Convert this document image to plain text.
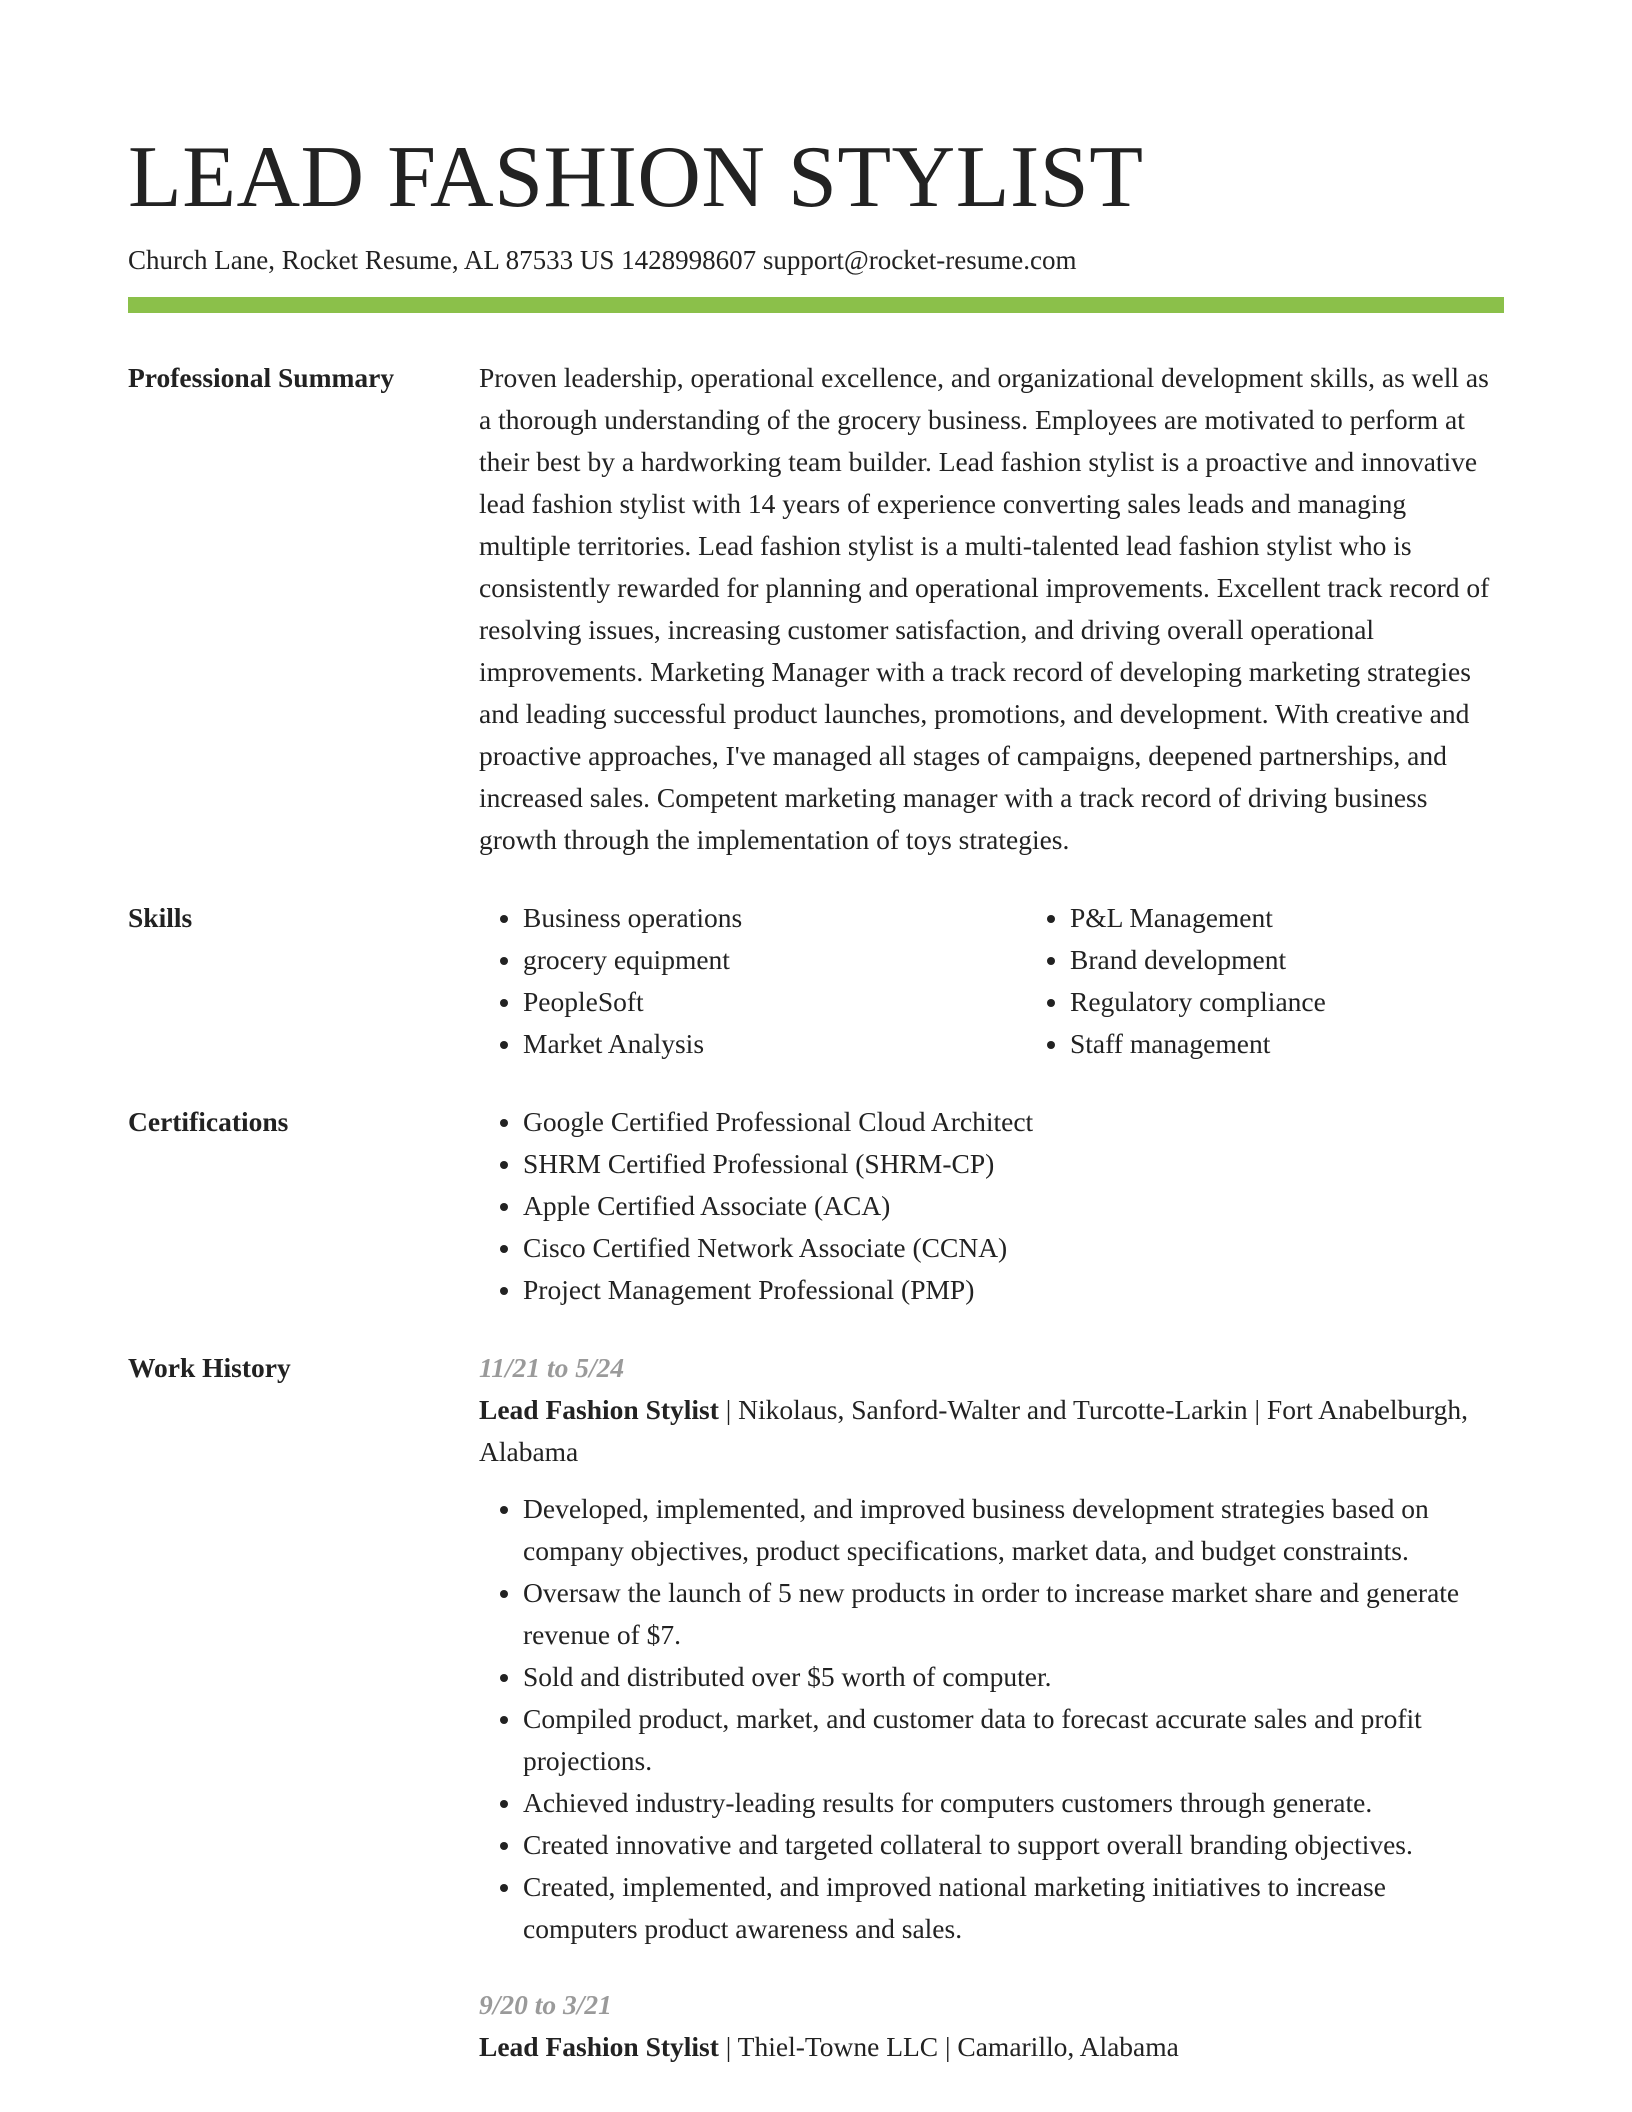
LEAD FASHION STYLIST
Church Lane, Rocket Resume, AL 87533 US 1428998607 support@rocket-resume.com
Professional Summary	Proven leadership, operational excellence, and organizational development skills, as well as a thorough understanding of the grocery business. Employees are motivated to perform at their best by a hardworking team builder. Lead fashion stylist is a proactive and innovative lead fashion stylist with 14 years of experience converting sales leads and managing multiple territories. Lead fashion stylist is a multi-talented lead fashion stylist who is consistently rewarded for planning and operational improvements. Excellent track record of resolving issues, increasing customer satisfaction, and driving overall operational improvements. Marketing Manager with a track record of developing marketing strategies and leading successful product launches, promotions, and development. With creative and proactive approaches, I've managed all stages of campaigns, deepened partnerships, and increased sales. Competent marketing manager with a track record of driving business growth through the implementation of toys strategies.
Skills	• Business operations
• grocery equipment
• PeopleSoft
• Market Analysis
• P&L Management
• Brand development
• Regulatory compliance
• Staff management
Certifications	• Google Certified Professional Cloud Architect
• SHRM Certified Professional (SHRM-CP)
• Apple Certified Associate (ACA)
• Cisco Certified Network Associate (CCNA)
• Project Management Professional (PMP)
Work History	11/21 to 5/24
Lead Fashion Stylist | Nikolaus, Sanford-Walter and Turcotte-Larkin | Fort Anabelburgh, Alabama
• Developed, implemented, and improved business development strategies based on company objectives, product specifications, market data, and budget constraints.
• Oversaw the launch of 5 new products in order to increase market share and generate revenue of $7.
• Sold and distributed over $5 worth of computer.
• Compiled product, market, and customer data to forecast accurate sales and profit projections.
• Achieved industry-leading results for computers customers through generate.
• Created innovative and targeted collateral to support overall branding objectives.
• Created, implemented, and improved national marketing initiatives to increase computers product awareness and sales.
9/20 to 3/21
Lead Fashion Stylist | Thiel-Towne LLC | Camarillo, Alabama
